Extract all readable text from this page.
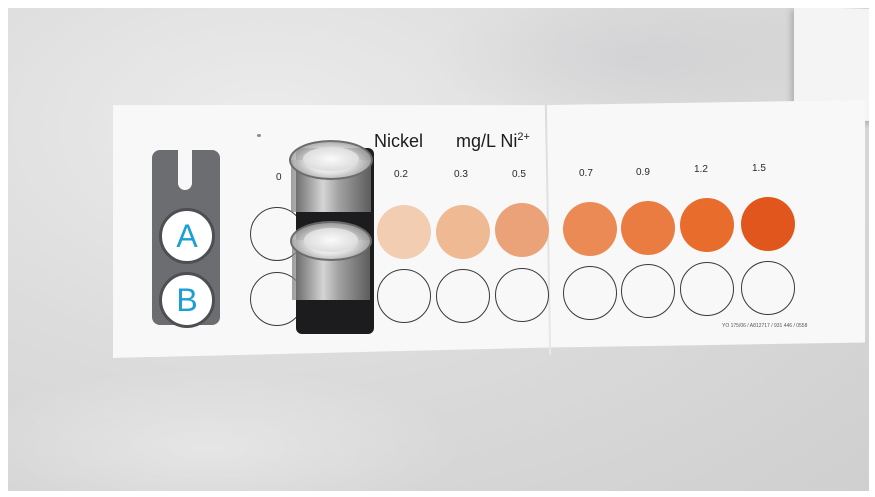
A
B
Nickel mg/L $Ni^{2+}$
0	0.2	0.3	0.5	0.7	0.9	1.2	1.5
YO 175/06 / A812717 / 931 446 / 0558
